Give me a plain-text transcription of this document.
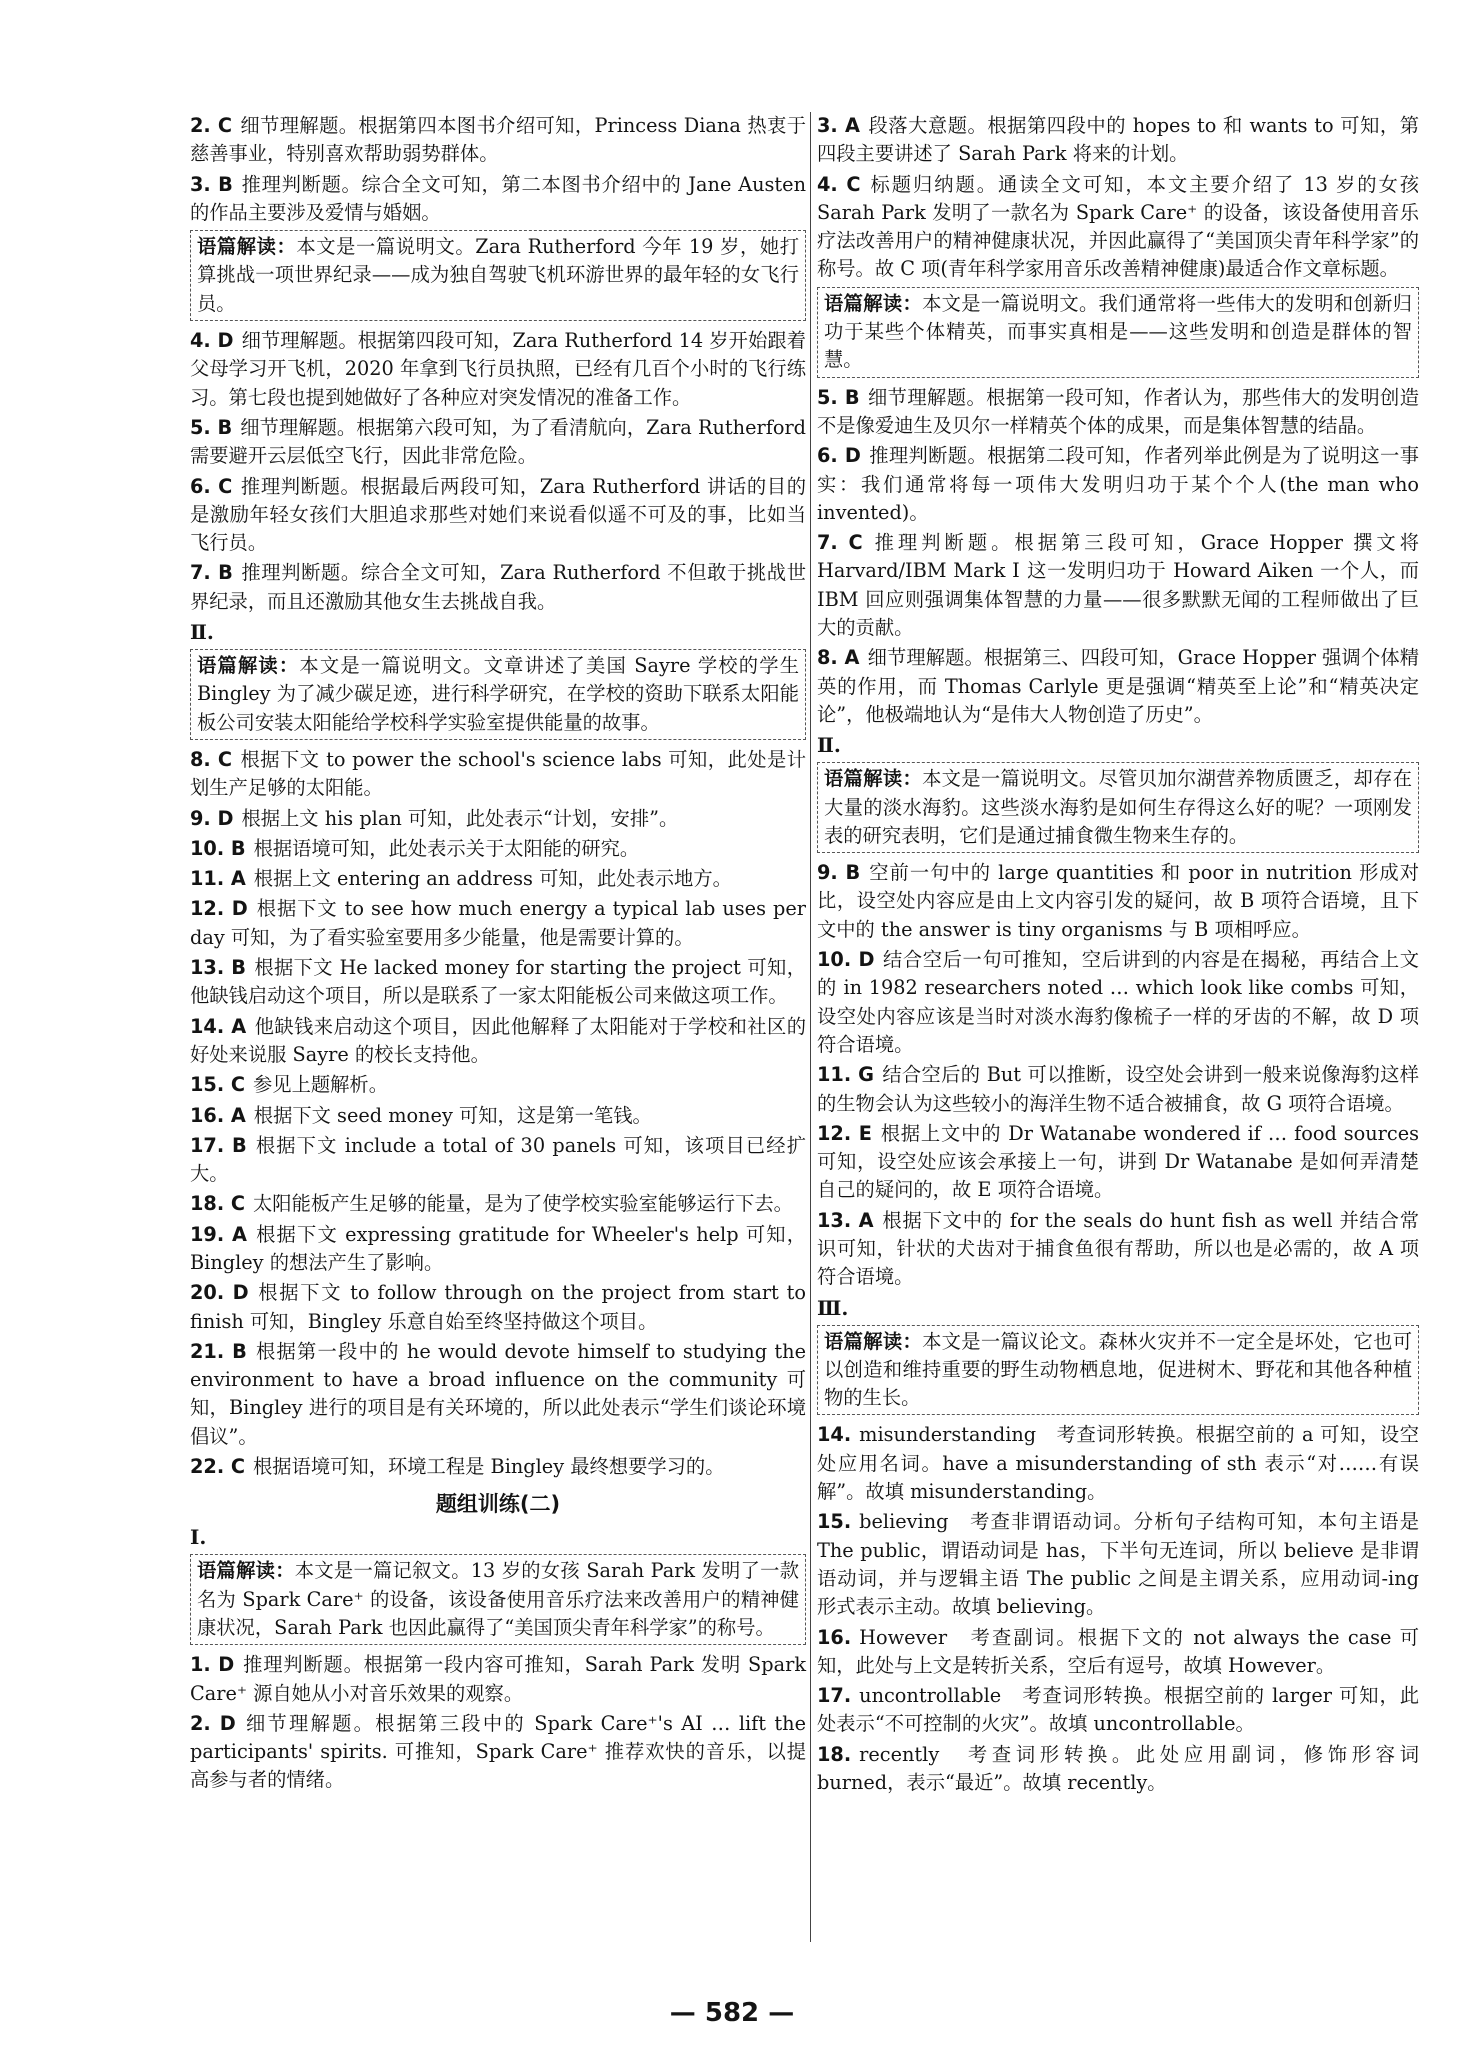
2. C 细节理解题。根据第四本图书介绍可知，Princess Diana 热衷于慈善事业，特别喜欢帮助弱势群体。

3. B 推理判断题。综合全文可知，第二本图书介绍中的 Jane Austen 的作品主要涉及爱情与婚姻。

语篇解读：本文是一篇说明文。Zara Rutherford 今年 19 岁，她打算挑战一项世界纪录——成为独自驾驶飞机环游世界的最年轻的女飞行员。

4. D 细节理解题。根据第四段可知，Zara Rutherford 14 岁开始跟着父母学习开飞机，2020 年拿到飞行员执照，已经有几百个小时的飞行练习。第七段也提到她做好了各种应对突发情况的准备工作。

5. B 细节理解题。根据第六段可知，为了看清航向，Zara Rutherford 需要避开云层低空飞行，因此非常危险。

6. C 推理判断题。根据最后两段可知，Zara Rutherford 讲话的目的是激励年轻女孩们大胆追求那些对她们来说看似遥不可及的事，比如当飞行员。

7. B 推理判断题。综合全文可知，Zara Rutherford 不但敢于挑战世界纪录，而且还激励其他女生去挑战自我。

Ⅱ.
语篇解读：本文是一篇说明文。文章讲述了美国 Sayre 学校的学生 Bingley 为了减少碳足迹，进行科学研究，在学校的资助下联系太阳能板公司安装太阳能给学校科学实验室提供能量的故事。

8. C 根据下文 to power the school's science labs 可知，此处是计划生产足够的太阳能。

9. D 根据上文 his plan 可知，此处表示“计划，安排”。

10. B 根据语境可知，此处表示关于太阳能的研究。

11. A 根据上文 entering an address 可知，此处表示地方。

12. D 根据下文 to see how much energy a typical lab uses per day 可知，为了看实验室要用多少能量，他是需要计算的。

13. B 根据下文 He lacked money for starting the project 可知，他缺钱启动这个项目，所以是联系了一家太阳能板公司来做这项工作。

14. A 他缺钱来启动这个项目，因此他解释了太阳能对于学校和社区的好处来说服 Sayre 的校长支持他。

15. C 参见上题解析。

16. A 根据下文 seed money 可知，这是第一笔钱。

17. B 根据下文 include a total of 30 panels 可知，该项目已经扩大。

18. C 太阳能板产生足够的能量，是为了使学校实验室能够运行下去。

19. A 根据下文 expressing gratitude for Wheeler's help 可知，Bingley 的想法产生了影响。

20. D 根据下文 to follow through on the project from start to finish 可知，Bingley 乐意自始至终坚持做这个项目。

21. B 根据第一段中的 he would devote himself to studying the environment to have a broad influence on the community 可知，Bingley 进行的项目是有关环境的，所以此处表示“学生们谈论环境倡议”。

22. C 根据语境可知，环境工程是 Bingley 最终想要学习的。

题组训练(二)
Ⅰ.
语篇解读：本文是一篇记叙文。13 岁的女孩 Sarah Park 发明了一款名为 Spark Care⁺ 的设备，该设备使用音乐疗法来改善用户的精神健康状况，Sarah Park 也因此赢得了“美国顶尖青年科学家”的称号。

1. D 推理判断题。根据第一段内容可推知，Sarah Park 发明 Spark Care⁺ 源自她从小对音乐效果的观察。

2. D 细节理解题。根据第三段中的 Spark Care⁺'s AI … lift the participants' spirits. 可推知，Spark Care⁺ 推荐欢快的音乐，以提高参与者的情绪。

3. A 段落大意题。根据第四段中的 hopes to 和 wants to 可知，第四段主要讲述了 Sarah Park 将来的计划。

4. C 标题归纳题。通读全文可知，本文主要介绍了 13 岁的女孩 Sarah Park 发明了一款名为 Spark Care⁺ 的设备，该设备使用音乐疗法改善用户的精神健康状况，并因此赢得了“美国顶尖青年科学家”的称号。故 C 项(青年科学家用音乐改善精神健康)最适合作文章标题。

语篇解读：本文是一篇说明文。我们通常将一些伟大的发明和创新归功于某些个体精英，而事实真相是——这些发明和创造是群体的智慧。

5. B 细节理解题。根据第一段可知，作者认为，那些伟大的发明创造不是像爱迪生及贝尔一样精英个体的成果，而是集体智慧的结晶。

6. D 推理判断题。根据第二段可知，作者列举此例是为了说明这一事实：我们通常将每一项伟大发明归功于某个个人(the man who invented)。

7. C 推理判断题。根据第三段可知，Grace Hopper 撰文将 Harvard/IBM Mark Ⅰ 这一发明归功于 Howard Aiken 一个人，而 IBM 回应则强调集体智慧的力量——很多默默无闻的工程师做出了巨大的贡献。

8. A 细节理解题。根据第三、四段可知，Grace Hopper 强调个体精英的作用，而 Thomas Carlyle 更是强调“精英至上论”和“精英决定论”，他极端地认为“是伟大人物创造了历史”。

Ⅱ.
语篇解读：本文是一篇说明文。尽管贝加尔湖营养物质匮乏，却存在大量的淡水海豹。这些淡水海豹是如何生存得这么好的呢？一项刚发表的研究表明，它们是通过捕食微生物来生存的。

9. B 空前一句中的 large quantities 和 poor in nutrition 形成对比，设空处内容应是由上文内容引发的疑问，故 B 项符合语境，且下文中的 the answer is tiny organisms 与 B 项相呼应。

10. D 结合空后一句可推知，空后讲到的内容是在揭秘，再结合上文的 in 1982 researchers noted … which look like combs 可知，设空处内容应该是当时对淡水海豹像梳子一样的牙齿的不解，故 D 项符合语境。

11. G 结合空后的 But 可以推断，设空处会讲到一般来说像海豹这样的生物会认为这些较小的海洋生物不适合被捕食，故 G 项符合语境。

12. E 根据上文中的 Dr Watanabe wondered if … food sources 可知，设空处应该会承接上一句，讲到 Dr Watanabe 是如何弄清楚自己的疑问的，故 E 项符合语境。

13. A 根据下文中的 for the seals do hunt fish as well 并结合常识可知，针状的犬齿对于捕食鱼很有帮助，所以也是必需的，故 A 项符合语境。

Ⅲ.
语篇解读：本文是一篇议论文。森林火灾并不一定全是坏处，它也可以创造和维持重要的野生动物栖息地，促进树木、野花和其他各种植物的生长。

14. misunderstanding　考查词形转换。根据空前的 a 可知，设空处应用名词。have a misunderstanding of sth 表示“对……有误解”。故填 misunderstanding。

15. believing　考查非谓语动词。分析句子结构可知，本句主语是 The public，谓语动词是 has，下半句无连词，所以 believe 是非谓语动词，并与逻辑主语 The public 之间是主谓关系，应用动词-ing 形式表示主动。故填 believing。

16. However　考查副词。根据下文的 not always the case 可知，此处与上文是转折关系，空后有逗号，故填 However。

17. uncontrollable　考查词形转换。根据空前的 larger 可知，此处表示“不可控制的火灾”。故填 uncontrollable。

18. recently　考查词形转换。此处应用副词，修饰形容词 burned，表示“最近”。故填 recently。

— 582 —
